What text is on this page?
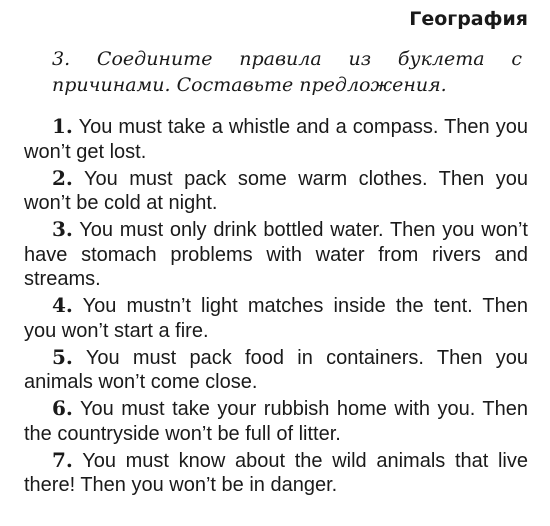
География
3. Соедините правила из буклета с причинами. Составьте предложения.

1. You must take a whistle and a compass. Then you won’t get lost.

2. You must pack some warm clothes. Then you won’t be cold at night.

3. You must only drink bottled water. Then you won’t have stomach problems with water from rivers and streams.

4. You mustn’t light matches inside the tent. Then you won’t start a fire.

5. You must pack food in containers. Then you animals won’t come close.

6. You must take your rubbish home with you. Then the countryside won’t be full of litter.

7. You must know about the wild animals that live there! Then you won’t be in danger.
